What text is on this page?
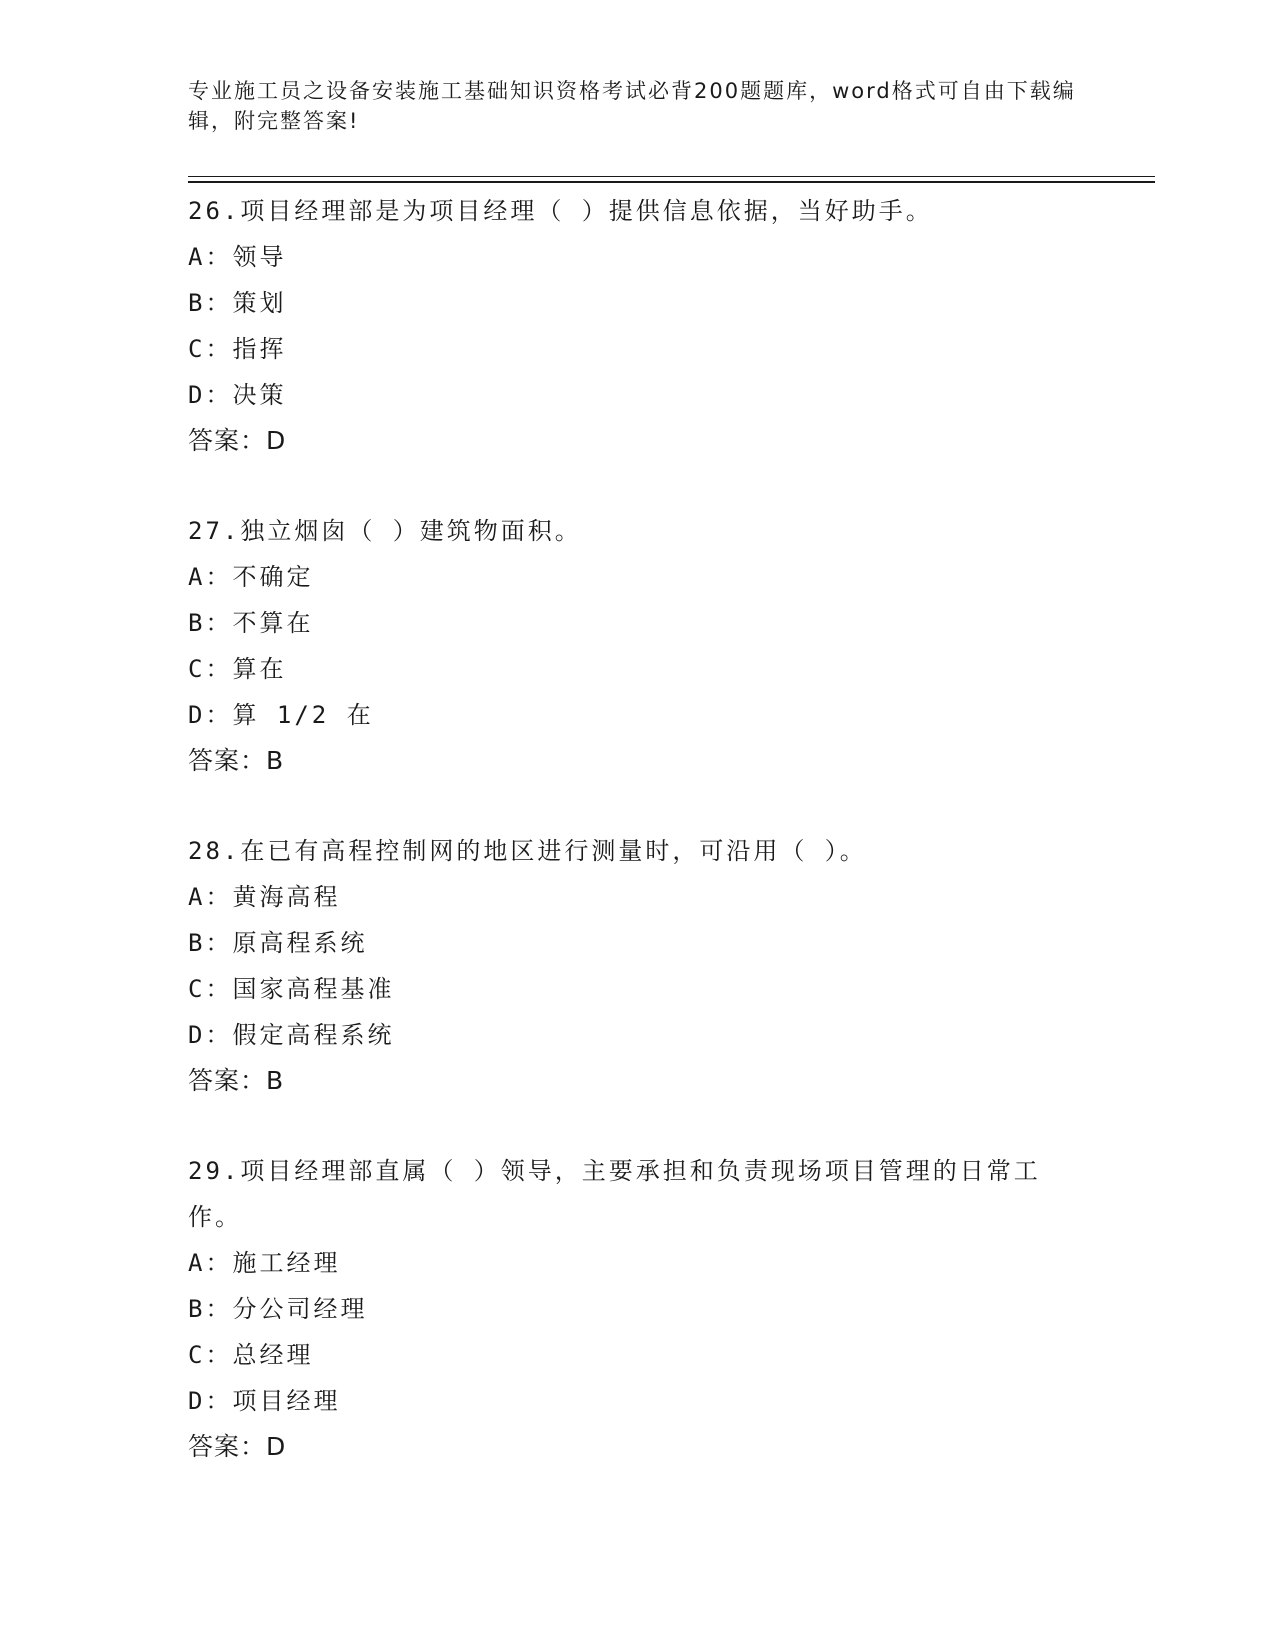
专业施工员之设备安装施工基础知识资格考试必背200题题库，word格式可自由下载编辑，附完整答案!
26.项目经理部是为项目经理（ ）提供信息依据，当好助手。
A：领导
B：策划
C：指挥
D：决策
答案：D
27.独立烟囱（ ）建筑物面积。
A：不确定
B：不算在
C：算在
D：算 1/2 在
答案：B
28.在已有高程控制网的地区进行测量时，可沿用（ ）。
A：黄海高程
B：原高程系统
C：国家高程基准
D：假定高程系统
答案：B
29.项目经理部直属（ ）领导，主要承担和负责现场项目管理的日常工作。
A：施工经理
B：分公司经理
C：总经理
D：项目经理
答案：D
